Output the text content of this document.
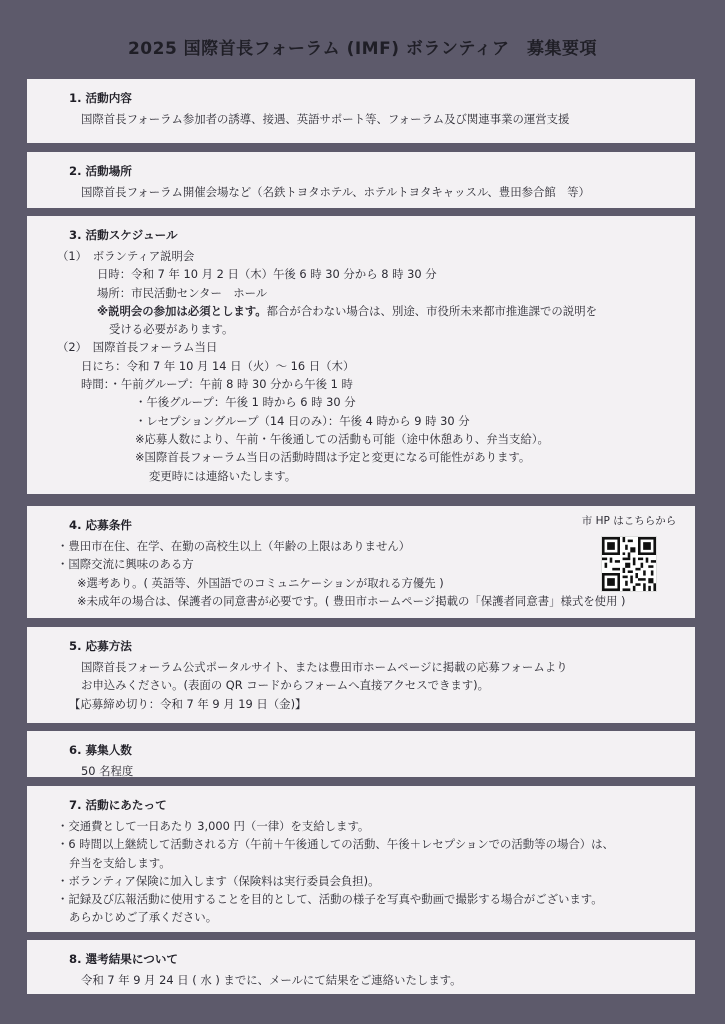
2025 国際首長フォーラム (IMF) ボランティア　募集要項
1. 活動内容
国際首長フォーラム参加者の誘導、接遇、英語サポート等、フォーラム及び関連事業の運営支援
2. 活動場所
国際首長フォーラム開催会場など（名鉄トヨタホテル、ホテルトヨタキャッスル、豊田参合館　等）
3. 活動スケジュール
（1）　ボランティア説明会
日時：令和 7 年 10 月 2 日（木）午後 6 時 30 分から 8 時 30 分
場所：市民活動センター　ホール
※説明会の参加は必須とします。都合が合わない場合は、別途、市役所未来都市推進課での説明を
受ける必要があります。
（2）　国際首長フォーラム当日
日にち：令和 7 年 10 月 14 日（火）～ 16 日（木）
時間：・午前グループ：午前 8 時 30 分から午後 1 時
・午後グループ：午後 1 時から 6 時 30 分
・レセプショングループ（14 日のみ）：午後 4 時から 9 時 30 分
※応募人数により、午前・午後通しての活動も可能（途中休憩あり、弁当支給）。
※国際首長フォーラム当日の活動時間は予定と変更になる可能性があります。
変更時には連絡いたします。
4. 応募条件
・豊田市在住、在学、在勤の高校生以上（年齢の上限はありません）
・国際交流に興味のある方
※選考あり。( 英語等、外国語でのコミュニケーションが取れる方優先 )
※未成年の場合は、保護者の同意書が必要です。( 豊田市ホームページ掲載の「保護者同意書」様式を使用 )
市 HP はこちらから
5. 応募方法
国際首長フォーラム公式ポータルサイト、または豊田市ホームページに掲載の応募フォームより
お申込みください。(表面の QR コードからフォームへ直接アクセスできます)。
【応募締め切り：令和 7 年 9 月 19 日（金)】
6. 募集人数
50 名程度
7. 活動にあたって
・交通費として一日あたり 3,000 円（一律）を支給します。
・6 時間以上継続して活動される方（午前＋午後通しての活動、午後＋レセプションでの活動等の場合）は、
弁当を支給します。
・ボランティア保険に加入します（保険料は実行委員会負担)。
・記録及び広報活動に使用することを目的として、活動の様子を写真や動画で撮影する場合がございます。
あらかじめご了承ください。
8. 選考結果について
令和 7 年 9 月 24 日 ( 水 ) までに、メールにて結果をご連絡いたします。
